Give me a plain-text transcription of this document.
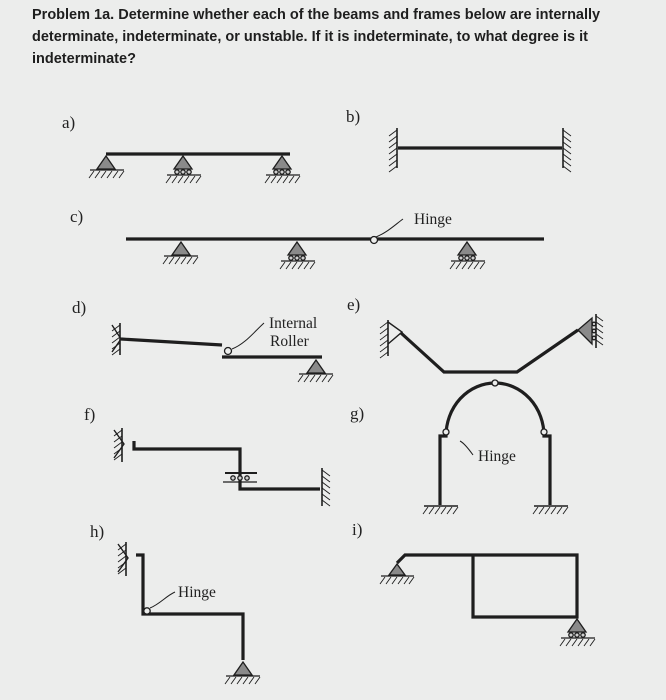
Problem 1a. Determine whether each of the beams and frames below are internally determinate, indeterminate, or unstable. If it is indeterminate, to what degree is it indeterminate?
a)	b)
c)
d)	e)
f)	g)
h)	i)
Hinge
Internal
Roller
Hinge
Hinge
